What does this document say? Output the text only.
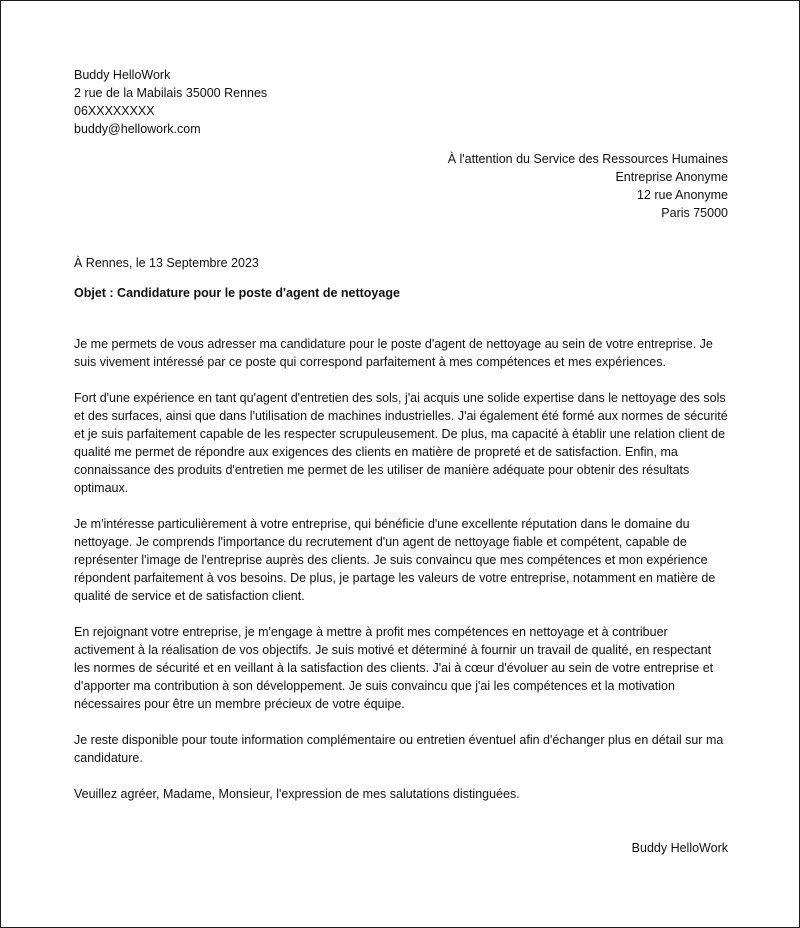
Buddy HelloWork
2 rue de la Mabilais 35000 Rennes
06XXXXXXXX
buddy@hellowork.com
À l'attention du Service des Ressources Humaines
Entreprise Anonyme
12 rue Anonyme
Paris 75000
À Rennes, le 13 Septembre 2023
Objet : Candidature pour le poste d'agent de nettoyage

Je me permets de vous adresser ma candidature pour le poste d'agent de nettoyage au sein de votre entreprise. Je suis vivement intéressé par ce poste qui correspond parfaitement à mes compétences et mes expériences.

Fort d'une expérience en tant qu'agent d'entretien des sols, j'ai acquis une solide expertise dans le nettoyage des sols et des surfaces, ainsi que dans l'utilisation de machines industrielles. J'ai également été formé aux normes de sécurité et je suis parfaitement capable de les respecter scrupuleusement. De plus, ma capacité à établir une relation client de qualité me permet de répondre aux exigences des clients en matière de propreté et de satisfaction. Enfin, ma connaissance des produits d'entretien me permet de les utiliser de manière adéquate pour obtenir des résultats optimaux.

Je m'intéresse particulièrement à votre entreprise, qui bénéficie d'une excellente réputation dans le domaine du nettoyage. Je comprends l'importance du recrutement d'un agent de nettoyage fiable et compétent, capable de représenter l'image de l'entreprise auprès des clients. Je suis convaincu que mes compétences et mon expérience répondent parfaitement à vos besoins. De plus, je partage les valeurs de votre entreprise, notamment en matière de qualité de service et de satisfaction client.

En rejoignant votre entreprise, je m'engage à mettre à profit mes compétences en nettoyage et à contribuer activement à la réalisation de vos objectifs. Je suis motivé et déterminé à fournir un travail de qualité, en respectant les normes de sécurité et en veillant à la satisfaction des clients. J'ai à cœur d'évoluer au sein de votre entreprise et d'apporter ma contribution à son développement. Je suis convaincu que j'ai les compétences et la motivation nécessaires pour être un membre précieux de votre équipe.

Je reste disponible pour toute information complémentaire ou entretien éventuel afin d'échanger plus en détail sur ma candidature.

Veuillez agréer, Madame, Monsieur, l'expression de mes salutations distinguées.

Buddy HelloWork
